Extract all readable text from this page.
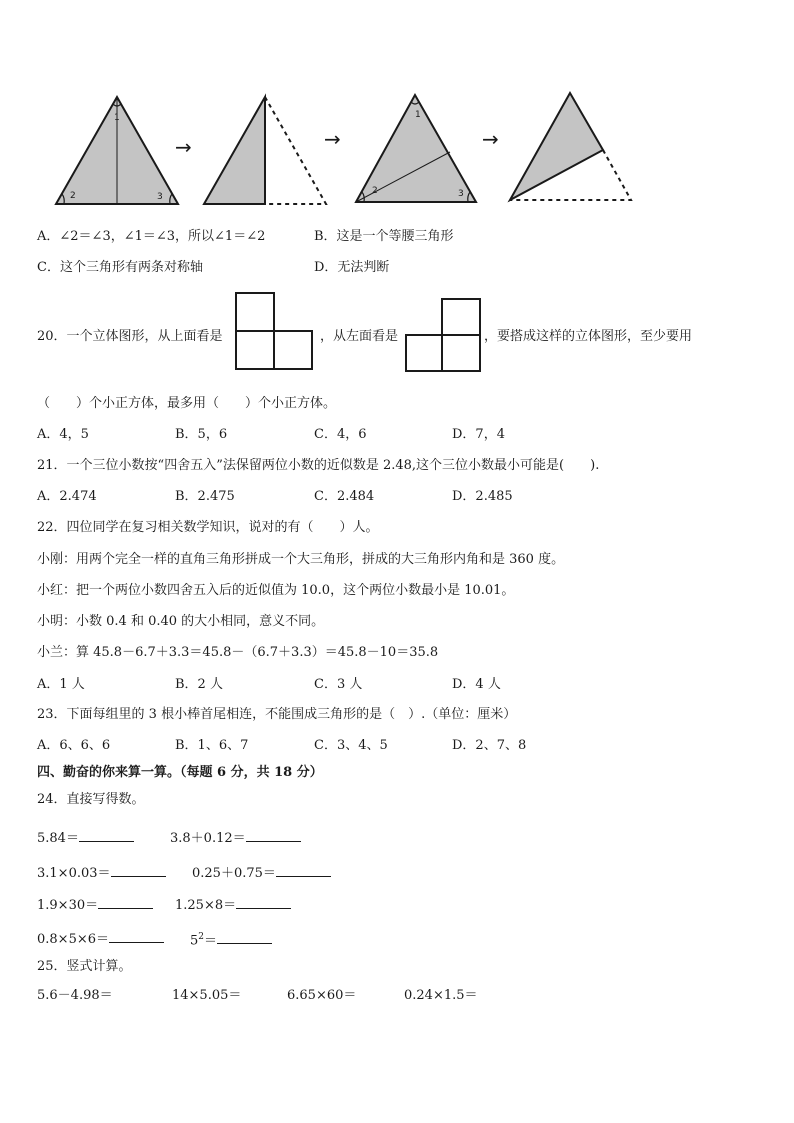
1
2	3
→	→
1
2	3
→
A．∠2＝∠3，∠1＝∠3，所以∠1＝∠2	B．这是一个等腰三角形
C．这个三角形有两条对称轴	D．无法判断
20．一个立体图形，从上面看是	，从左面看是	，要搭成这样的立体图形，至少要用
（　　）个小正方体，最多用（　　）个小正方体。
A．4，5	B．5，6	C．4，6	D．7，4
21．一个三位小数按“四舍五入”法保留两位小数的近似数是 2.48,这个三位小数最小可能是(　　).
A．2.474	B．2.475	C．2.484	D．2.485
22．四位同学在复习相关数学知识，说对的有（　　）人。
小刚：用两个完全一样的直角三角形拼成一个大三角形，拼成的大三角形内角和是 360 度。
小红：把一个两位小数四舍五入后的近似值为 10.0，这个两位小数最小是 10.01。
小明：小数 0.4 和 0.40 的大小相同，意义不同。
小兰：算 45.8－6.7＋3.3＝45.8－（6.7＋3.3）＝45.8－10＝35.8
A．1 人	B．2 人	C．3 人	D．4 人
23．下面每组里的 3 根小棒首尾相连，不能围成三角形的是（　）.（单位：厘米）
A．6、6、6	B．1、6、7	C．3、4、5	D．2、7、8
四、勤奋的你来算一算。（每题 6 分，共 18 分）
24．直接写得数。
5.84＝	3.8＋0.12＝
3.1×0.03＝	0.25＋0.75＝
1.9×30＝	1.25×8＝
0.8×5×6＝	$5^2=$
25．竖式计算。
5.6－4.98＝	14×5.05＝	6.65×60＝	0.24×1.5＝
